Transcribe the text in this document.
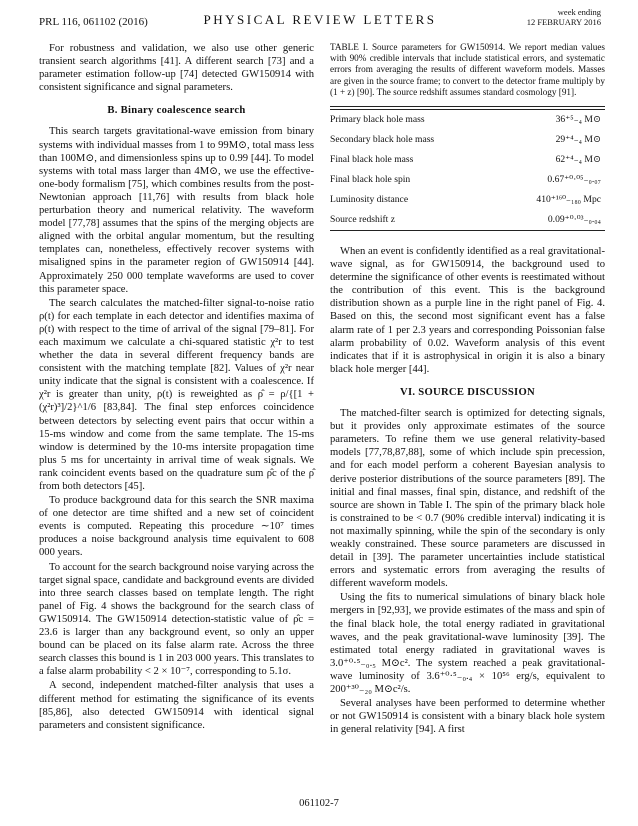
PRL 116, 061102 (2016)	PHYSICAL REVIEW LETTERS	week ending
12 FEBRUARY 2016

For robustness and validation, we also use other generic transient search algorithms [41]. A different search [73] and a parameter estimation follow-up [74] detected GW150914 with consistent significance and signal parameters.

B. Binary coalescence search

This search targets gravitational-wave emission from binary systems with individual masses from 1 to 99M⊙, total mass less than 100M⊙, and dimensionless spins up to 0.99 [44]. To model systems with total mass larger than 4M⊙, we use the effective-one-body formalism [75], which combines results from the post-Newtonian approach [11,76] with results from black hole perturbation theory and numerical relativity. The waveform model [77,78] assumes that the spins of the merging objects are aligned with the orbital angular momentum, but the resulting templates can, nonetheless, effectively recover systems with misaligned spins in the parameter region of GW150914 [44]. Approximately 250 000 template waveforms are used to cover this parameter space.

The search calculates the matched-filter signal-to-noise ratio ρ(t) for each template in each detector and identifies maxima of ρ(t) with respect to the time of arrival of the signal [79–81]. For each maximum we calculate a chi-squared statistic χ²r to test whether the data in several different frequency bands are consistent with the matching template [82]. Values of χ²r near unity indicate that the signal is consistent with a coalescence. If χ²r is greater than unity, ρ(t) is reweighted as ρ̂ = ρ/{[1 + (χ²r)³]/2}^1/6 [83,84]. The final step enforces coincidence between detectors by selecting event pairs that occur within a 15-ms window and come from the same template. The 15-ms window is determined by the 10-ms intersite propagation time plus 5 ms for uncertainty in arrival time of weak signals. We rank coincident events based on the quadrature sum ρ̂c of the ρ̂ from both detectors [45].

To produce background data for this search the SNR maxima of one detector are time shifted and a new set of coincident events is computed. Repeating this procedure ∼10⁷ times produces a noise background analysis time equivalent to 608 000 years.

To account for the search background noise varying across the target signal space, candidate and background events are divided into three search classes based on template length. The right panel of Fig. 4 shows the background for the search class of GW150914. The GW150914 detection-statistic value of ρ̂c = 23.6 is larger than any background event, so only an upper bound can be placed on its false alarm rate. Across the three search classes this bound is 1 in 203 000 years. This translates to a false alarm probability < 2 × 10⁻⁷, corresponding to 5.1σ.

A second, independent matched-filter analysis that uses a different method for estimating the significance of its events [85,86], also detected GW150914 with identical signal parameters and consistent significance.

TABLE I. Source parameters for GW150914. We report median values with 90% credible intervals that include statistical errors, and systematic errors from averaging the results of different waveform models. Masses are given in the source frame; to convert to the detector frame multiply by (1 + z) [90]. The source redshift assumes standard cosmology [91].

Primary black hole mass	36⁺⁵₋₄ M⊙
Secondary black hole mass	29⁺⁴₋₄ M⊙
Final black hole mass	62⁺⁴₋₄ M⊙
Final black hole spin	0.67⁺⁰·⁰⁵₋₀.₀₇
Luminosity distance	410⁺¹⁶⁰₋₁₈₀ Mpc
Source redshift z	0.09⁺⁰·⁰³₋₀.₀₄

When an event is confidently identified as a real gravitational-wave signal, as for GW150914, the background used to determine the significance of other events is reestimated without the contribution of this event. This is the background distribution shown as a purple line in the right panel of Fig. 4. Based on this, the second most significant event has a false alarm rate of 1 per 2.3 years and corresponding Poissonian false alarm probability of 0.02. Waveform analysis of this event indicates that if it is astrophysical in origin it is also a binary black hole merger [44].

VI. SOURCE DISCUSSION

The matched-filter search is optimized for detecting signals, but it provides only approximate estimates of the source parameters. To refine them we use general relativity-based models [77,78,87,88], some of which include spin precession, and for each model perform a coherent Bayesian analysis to derive posterior distributions of the source parameters [89]. The initial and final masses, final spin, distance, and redshift of the source are shown in Table I. The spin of the primary black hole is constrained to be < 0.7 (90% credible interval) indicating it is not maximally spinning, while the spin of the secondary is only weakly constrained. These source parameters are discussed in detail in [39]. The parameter uncertainties include statistical errors and systematic errors from averaging the results of different waveform models.

Using the fits to numerical simulations of binary black hole mergers in [92,93], we provide estimates of the mass and spin of the final black hole, the total energy radiated in gravitational waves, and the peak gravitational-wave luminosity [39]. The estimated total energy radiated in gravitational waves is 3.0⁺⁰·⁵₋₀.₅ M⊙c². The system reached a peak gravitational-wave luminosity of 3.6⁺⁰·⁵₋₀.₄ × 10⁵⁶ erg/s, equivalent to 200⁺³⁰₋₂₀ M⊙c²/s.

Several analyses have been performed to determine whether or not GW150914 is consistent with a binary black hole system in general relativity [94]. A first

061102-7
